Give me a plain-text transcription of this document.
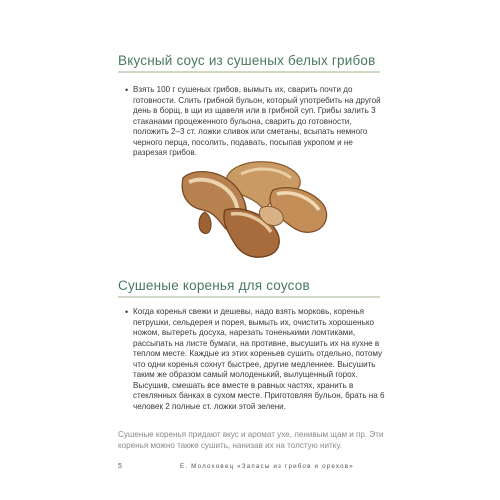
Вкусный соус из сушеных белых грибов
• Взять 100 г сушеных грибов, вымыть их, сварить почти до готовности. Слить грибной бульон, который употребить на другой день в борщ, в щи из щавеля или в грибной суп. Грибы залить 3 стаканами процеженного бульона, сварить до готовности, положить 2–3 ст. ложки сливок или сметаны, всыпать немного черного перца, посолить, подавать, посыпав укропом и не разрезая грибов.

Сушеные коренья для соусов
• Когда коренья свежи и дешевы, надо взять морковь, коренья петрушки, сельдерея и порея, вымыть их, очистить хорошенько ножом, вытереть досуха, нарезать тоненькими ломтиками, рассыпать на листе бумаги, на противне, высушить их на кухне в теплом месте. Каждые из этих кореньев сушить отдельно, потому что одни коренья сохнут быстрее, другие медленнее. Высушить таким же образом самый молоденький, вылущенный горох. Высушив, смешать все вместе в равных частях, хранить в стеклянных банках в сухом месте. Приготовляя бульон, брать на 6 человек 2 полные ст. ложки этой зелени.

Сушеные коренья придают вкус и аромат ухе, ленивым щам и пр. Эти коренья можно также сушить, нанизав их на толстую нитку.

5	Е. Молоховец «Запасы из грибов и орехов»
